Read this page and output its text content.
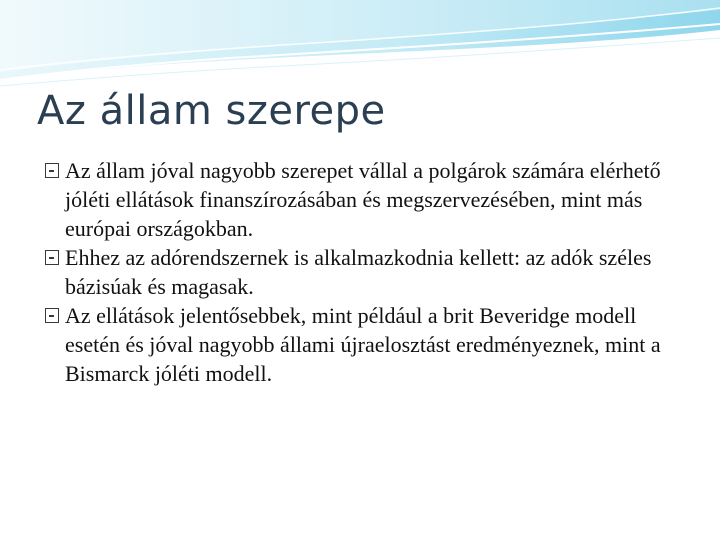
Az állam szerepe
Az állam jóval nagyobb szerepet vállal a polgárok számára elérhető jóléti ellátások finanszírozásában és megszervezésében, mint más európai országokban.
Ehhez az adórendszernek is alkalmazkodnia kellett: az adók széles bázisúak és magasak.
Az ellátások jelentősebbek, mint például a brit Beveridge modell esetén és jóval nagyobb állami újraelosztást eredményeznek, mint a Bismarck jóléti modell.
